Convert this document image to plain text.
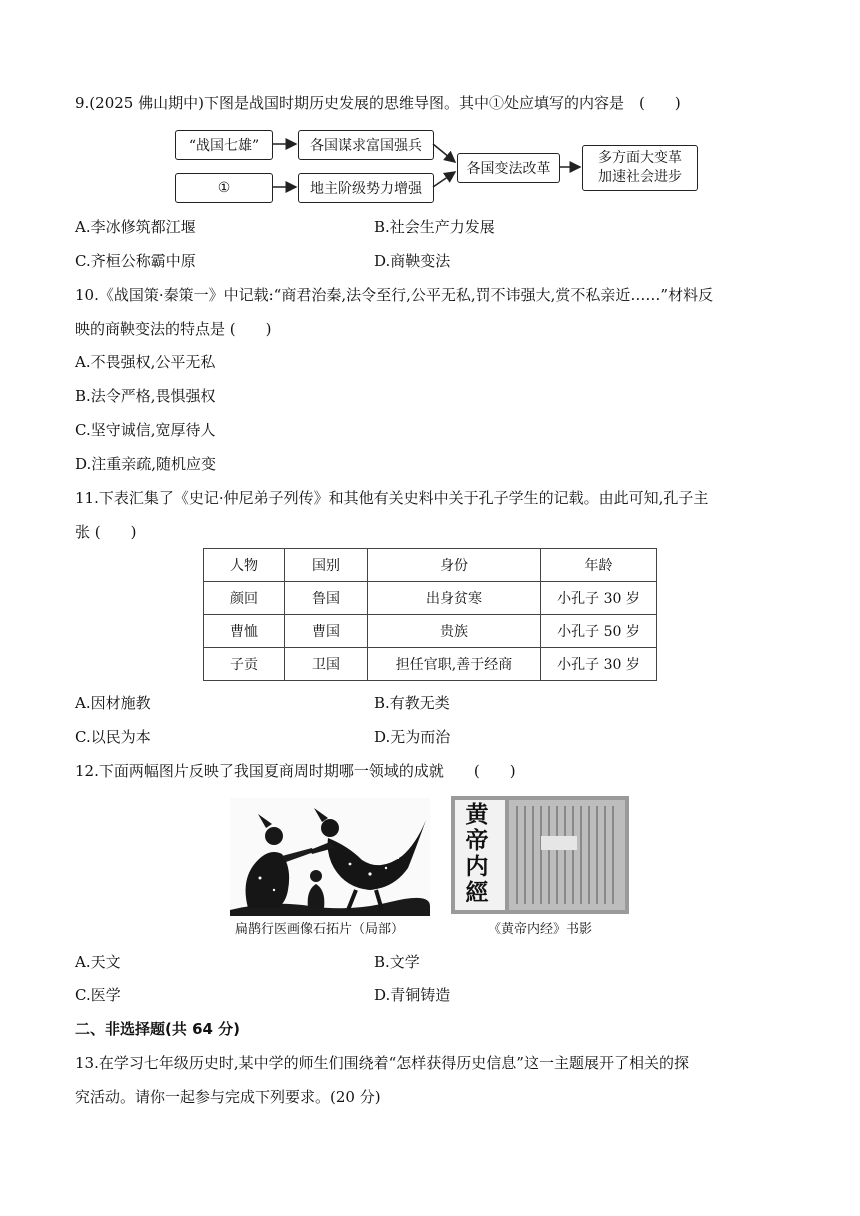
9.(2025 佛山期中)下图是战国时期历史发展的思维导图。其中①处应填写的内容是　(　　)
“战国七雄”
①
各国谋求富国强兵
地主阶级势力增强
各国变法改革
多方面大变革
加速社会进步
A.李冰修筑都江堰	B.社会生产力发展
C.齐桓公称霸中原	D.商鞅变法
10.《战国策·秦策一》中记载:“商君治秦,法令至行,公平无私,罚不讳强大,赏不私亲近……”材料反
映的商鞅变法的特点是 (　　)
A.不畏强权,公平无私
B.法令严格,畏惧强权
C.坚守诚信,宽厚待人
D.注重亲疏,随机应变
11.下表汇集了《史记·仲尼弟子列传》和其他有关史料中关于孔子学生的记载。由此可知,孔子主
张 (　　)
人物	国别	身份	年龄
颜回	鲁国	出身贫寒	小孔子 30 岁
曹恤	曹国	贵族	小孔子 50 岁
子贡	卫国	担任官职,善于经商	小孔子 30 岁
A.因材施教	B.有教无类
C.以民为本	D.无为而治
12.下面两幅图片反映了我国夏商周时期哪一领域的成就　　(　　)
扁鹊行医画像石拓片（局部）
黄帝内經
《黄帝内经》书影
A.天文	B.文学
C.医学	D.青铜铸造
二、非选择题(共 64 分)
13.在学习七年级历史时,某中学的师生们围绕着“怎样获得历史信息”这一主题展开了相关的探
究活动。请你一起参与完成下列要求。(20 分)
